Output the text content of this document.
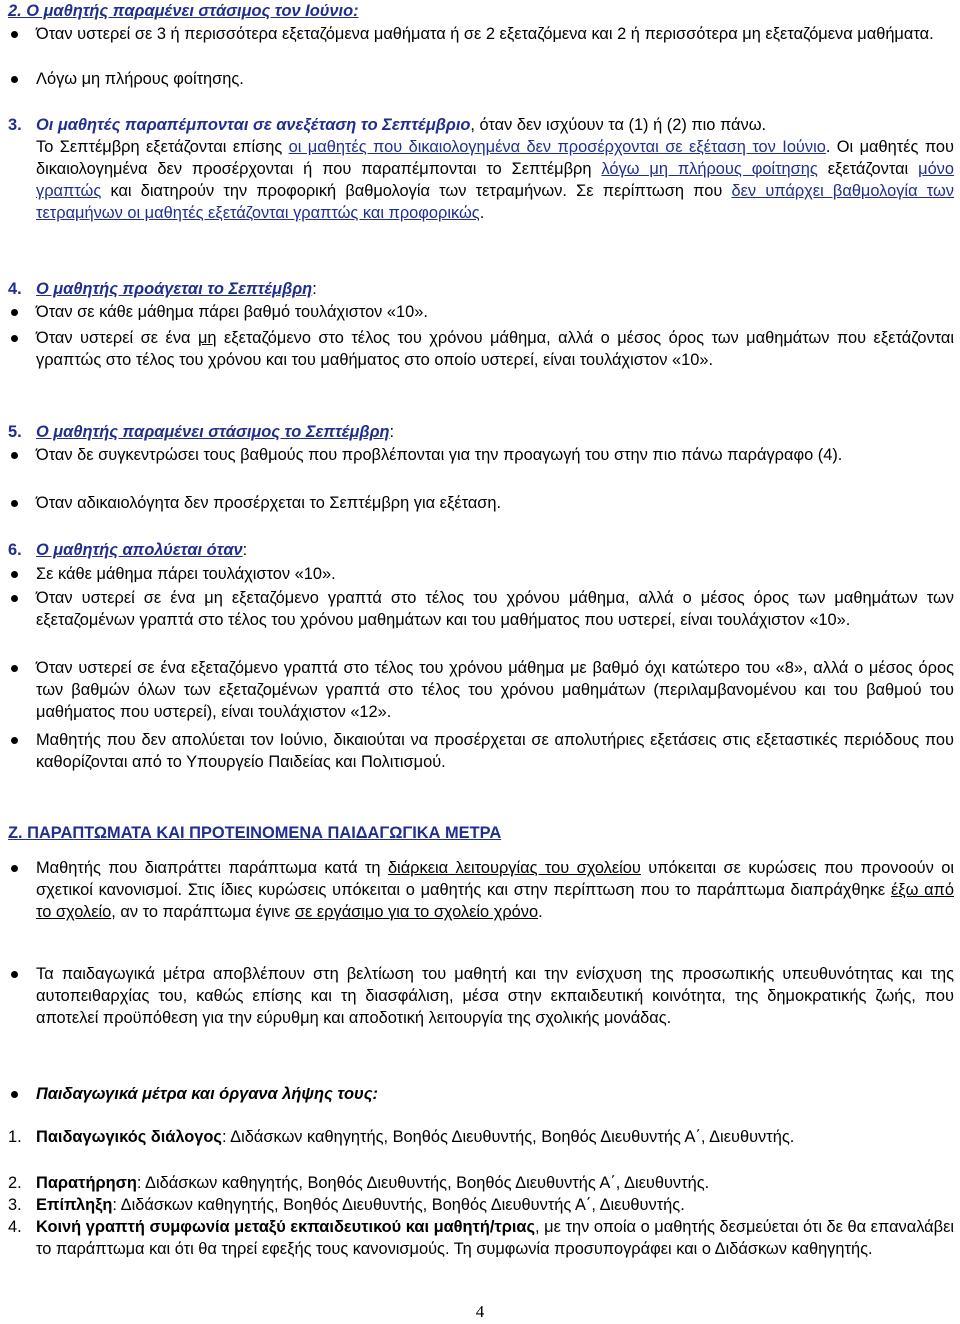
2. Ο μαθητής παραμένει στάσιμος τον Ιούνιο:
Όταν υστερεί σε 3 ή περισσότερα εξεταζόμενα μαθήματα ή σε 2 εξεταζόμενα και 2 ή περισσότερα μη εξεταζόμενα μαθήματα.
Λόγω μη πλήρους φοίτησης.
3. Οι μαθητές παραπέμπονται σε ανεξέταση το Σεπτέμβριο, όταν δεν ισχύουν τα (1) ή (2) πιο πάνω.
Το Σεπτέμβρη εξετάζονται επίσης οι μαθητές που δικαιολογημένα δεν προσέρχονται σε εξέταση τον Ιούνιο. Οι μαθητές που δικαιολογημένα δεν προσέρχονται ή που παραπέμπονται το Σεπτέμβρη λόγω μη πλήρους φοίτησης εξετάζονται μόνο γραπτώς και διατηρούν την προφορική βαθμολογία των τετραμήνων. Σε περίπτωση που δεν υπάρχει βαθμολογία των τετραμήνων οι μαθητές εξετάζονται γραπτώς και προφορικώς.
4. Ο μαθητής προάγεται το Σεπτέμβρη:
Όταν σε κάθε μάθημα πάρει βαθμό τουλάχιστον «10».
Όταν υστερεί σε ένα μη εξεταζόμενο στο τέλος του χρόνου μάθημα, αλλά ο μέσος όρος των μαθημάτων που εξετάζονται γραπτώς στο τέλος του χρόνου και του μαθήματος στο οποίο υστερεί, είναι τουλάχιστον «10».
5. Ο μαθητής παραμένει στάσιμος το Σεπτέμβρη:
Όταν δε συγκεντρώσει τους βαθμούς που προβλέπονται για την προαγωγή του στην πιο πάνω παράγραφο (4).
Όταν αδικαιολόγητα δεν προσέρχεται το Σεπτέμβρη για εξέταση.
6. Ο μαθητής απολύεται όταν:
Σε κάθε μάθημα πάρει τουλάχιστον «10».
Όταν υστερεί σε ένα μη εξεταζόμενο γραπτά στο τέλος του χρόνου μάθημα, αλλά ο μέσος όρος των μαθημάτων των εξεταζομένων γραπτά στο τέλος του χρόνου μαθημάτων και του μαθήματος που υστερεί, είναι τουλάχιστον «10».
Όταν υστερεί σε ένα εξεταζόμενο γραπτά στο τέλος του χρόνου μάθημα με βαθμό όχι κατώτερο του «8», αλλά ο μέσος όρος των βαθμών όλων των εξεταζομένων γραπτά στο τέλος του χρόνου μαθημάτων (περιλαμβανομένου και του βαθμού του μαθήματος που υστερεί), είναι τουλάχιστον «12».
Μαθητής που δεν απολύεται τον Ιούνιο, δικαιούται να προσέρχεται σε απολυτήριες εξετάσεις στις εξεταστικές περιόδους που καθορίζονται από το Υπουργείο Παιδείας και Πολιτισμού.
Ζ. ΠΑΡΑΠΤΩΜΑΤΑ ΚΑΙ ΠΡΟΤΕΙΝΟΜΕΝΑ ΠΑΙΔΑΓΩΓΙΚΑ ΜΕΤΡΑ
Μαθητής που διαπράττει παράπτωμα κατά τη διάρκεια λειτουργίας του σχολείου υπόκειται σε κυρώσεις που προνοούν οι σχετικοί κανονισμοί. Στις ίδιες κυρώσεις υπόκειται ο μαθητής και στην περίπτωση που το παράπτωμα διαπράχθηκε έξω από το σχολείο, αν το παράπτωμα έγινε σε εργάσιμο για το σχολείο χρόνο.
Τα παιδαγωγικά μέτρα αποβλέπουν στη βελτίωση του μαθητή και την ενίσχυση της προσωπικής υπευθυνότητας και της αυτοπειθαρχίας του, καθώς επίσης και τη διασφάλιση, μέσα στην εκπαιδευτική κοινότητα, της δημοκρατικής ζωής, που αποτελεί προϋπόθεση για την εύρυθμη και αποδοτική λειτουργία της σχολικής μονάδας.
Παιδαγωγικά μέτρα και όργανα λήψης τους:
1. Παιδαγωγικός διάλογος: Διδάσκων καθηγητής, Βοηθός Διευθυντής, Βοηθός Διευθυντής Α΄, Διευθυντής.
2. Παρατήρηση: Διδάσκων καθηγητής, Βοηθός Διευθυντής, Βοηθός Διευθυντής Α΄, Διευθυντής.
3. Επίπληξη: Διδάσκων καθηγητής, Βοηθός Διευθυντής, Βοηθός Διευθυντής Α΄, Διευθυντής.
4. Κοινή γραπτή συμφωνία μεταξύ εκπαιδευτικού και μαθητή/τριας, με την οποία ο μαθητής δεσμεύεται ότι δε θα επαναλάβει το παράπτωμα και ότι θα τηρεί εφεξής τους κανονισμούς. Τη συμφωνία προσυπογράφει και ο Διδάσκων καθηγητής.
4
